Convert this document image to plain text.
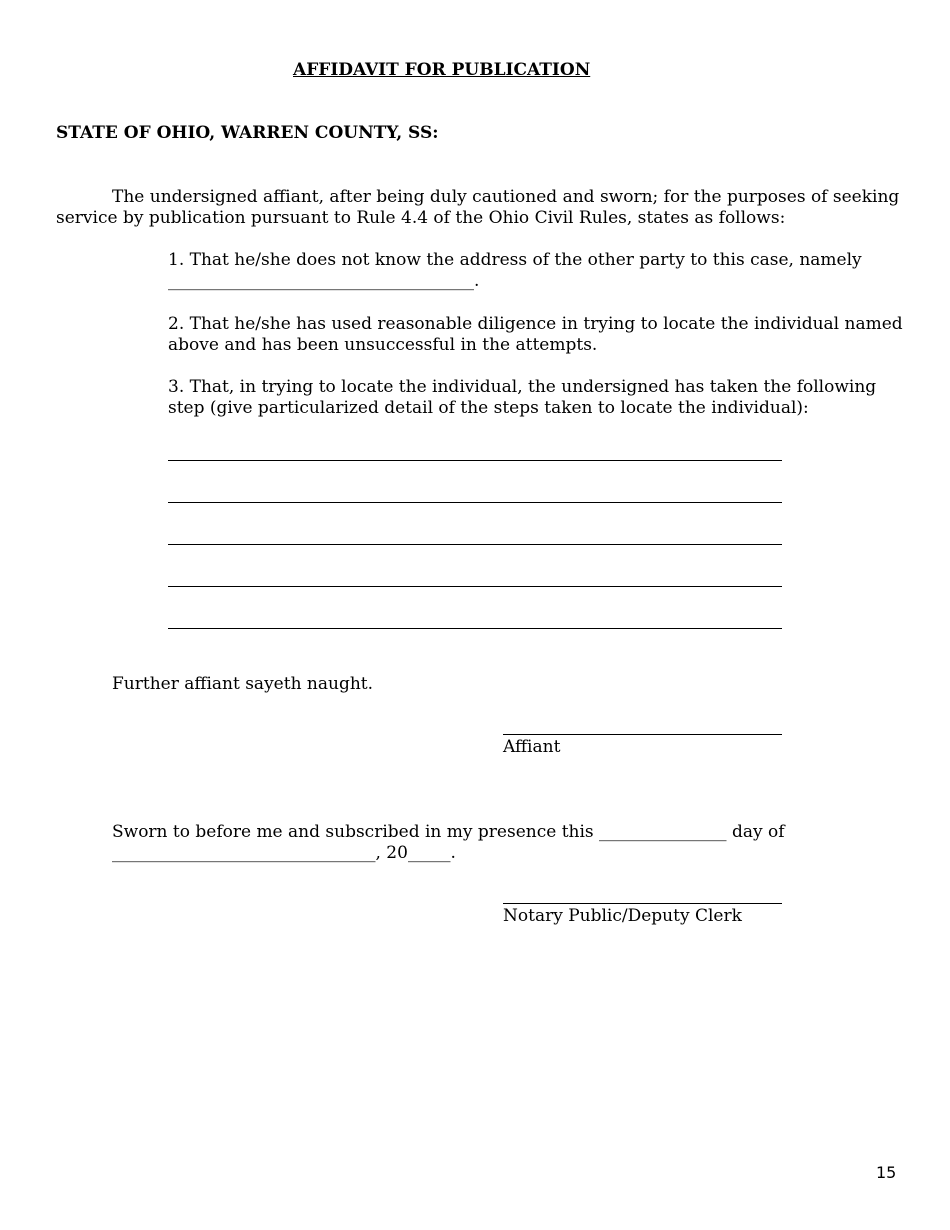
AFFIDAVIT FOR PUBLICATION

STATE OF OHIO, WARREN COUNTY, SS:

The undersigned affiant, after being duly cautioned and sworn; for the purposes of seeking

service by publication pursuant to Rule 4.4 of the Ohio Civil Rules, states as follows:

1. That he/she does not know the address of the other party to this case, namely

____________________________________.

2. That he/she has used reasonable diligence in trying to locate the individual named

above and has been unsuccessful in the attempts.

3. That, in trying to locate the individual, the undersigned has taken the following

step (give particularized detail of the steps taken to locate the individual):

Further affiant sayeth naught.

Affiant

Sworn to before me and subscribed in my presence this _______________ day of

_______________________________, 20_____.

Notary Public/Deputy Clerk

15
